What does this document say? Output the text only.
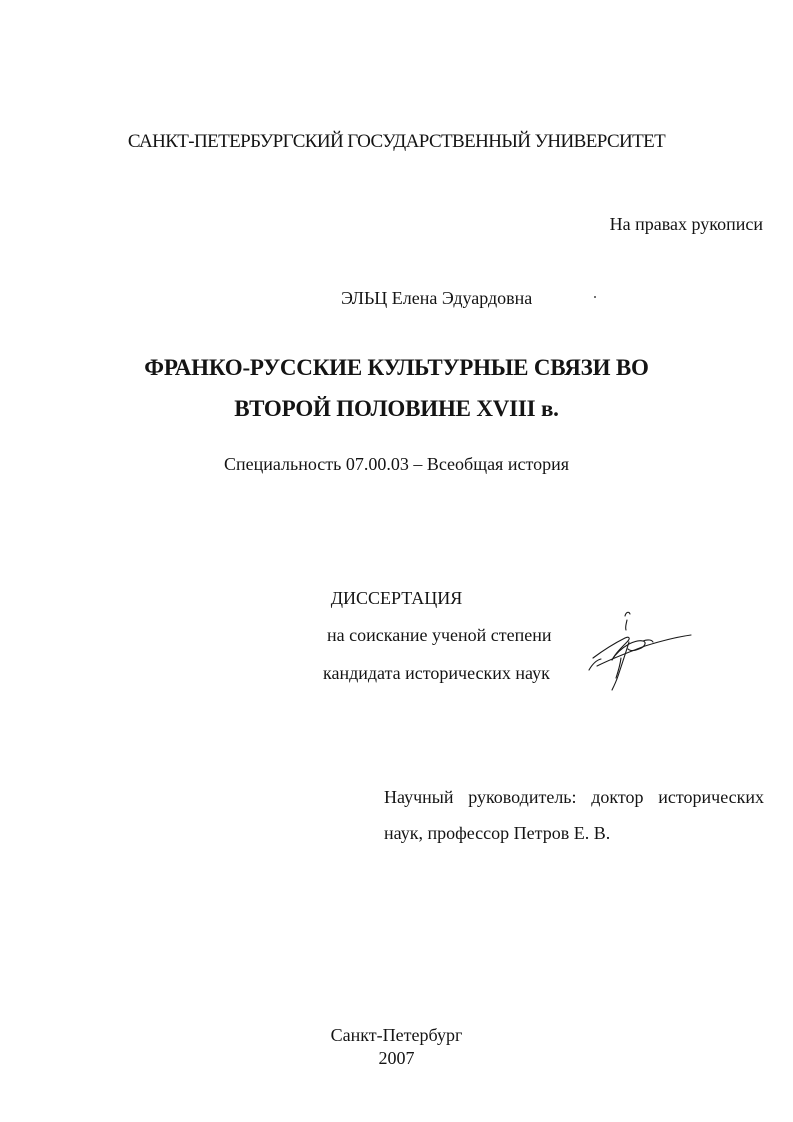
САНКТ-ПЕТЕРБУРГСКИЙ ГОСУДАРСТВЕННЫЙ УНИВЕРСИТЕТ
На правах рукописи
ЭЛЬЦ Елена Эдуардовна
ФРАНКО-РУССКИЕ КУЛЬТУРНЫЕ СВЯЗИ ВО
ВТОРОЙ ПОЛОВИНЕ XVIII в.
Специальность 07.00.03 – Всеобщая история
ДИССЕРТАЦИЯ
на соискание ученой степени
кандидата исторических наук
Научный руководитель: доктор исторических
наук, профессор Петров Е. В.
Санкт-Петербург
2007
